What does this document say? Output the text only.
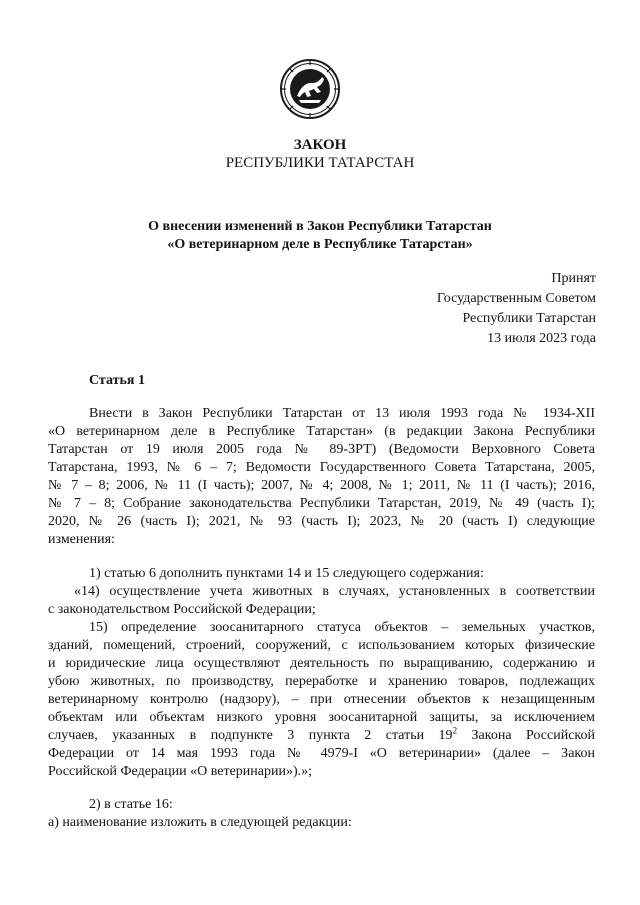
ЗАКОН
РЕСПУБЛИКИ ТАТАРСТАН
О внесении изменений в Закон Республики Татарстан
«О ветеринарном деле в Республике Татарстан»
Принят
Государственным Советом
Республики Татарстан
13 июля 2023 года
Статья 1
Внести в Закон Республики Татарстан от 13 июля 1993 года № 1934-XII
«О ветеринарном деле в Республике Татарстан» (в редакции Закона Республики
Татарстан от 19 июля 2005 года № 89-ЗРТ) (Ведомости Верховного Совета
Татарстана, 1993, № 6 – 7; Ведомости Государственного Совета Татарстана, 2005,
№ 7 – 8; 2006, № 11 (I часть); 2007, № 4; 2008, № 1; 2011, № 11 (I часть); 2016,
№ 7 – 8; Собрание законодательства Республики Татарстан, 2019, № 49 (часть I);
2020, № 26 (часть I); 2021, № 93 (часть I); 2023, № 20 (часть I) следующие
изменения:
1) статью 6 дополнить пунктами 14 и 15 следующего содержания:
«14) осуществление учета животных в случаях, установленных в соответствии
с законодательством Российской Федерации;
15) определение зоосанитарного статуса объектов – земельных участков,
зданий, помещений, строений, сооружений, с использованием которых физические
и юридические лица осуществляют деятельность по выращиванию, содержанию и
убою животных, по производству, переработке и хранению товаров, подлежащих
ветеринарному контролю (надзору), – при отнесении объектов к незащищенным
объектам или объектам низкого уровня зоосанитарной защиты, за исключением
случаев, указанных в подпункте 3 пункта 2 статьи $19^2$ Закона Российской
Федерации от 14 мая 1993 года № 4979-I «О ветеринарии» (далее – Закон
Российской Федерации «О ветеринарии»).»;
2) в статье 16:
а) наименование изложить в следующей редакции:
